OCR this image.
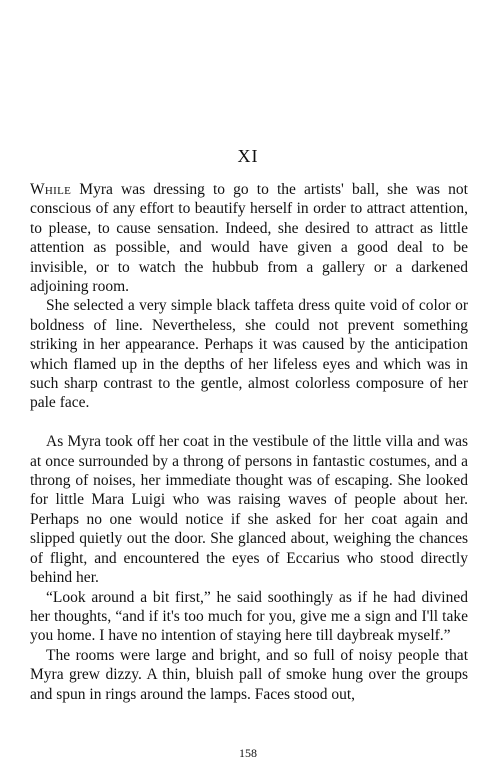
XI

While Myra was dressing to go to the artists' ball, she was not conscious of any effort to beautify herself in order to attract attention, to please, to cause sensation. Indeed, she desired to attract as little attention as possible, and would have given a good deal to be invisible, or to watch the hubbub from a gallery or a darkened adjoining room.

She selected a very simple black taffeta dress quite void of color or boldness of line. Nevertheless, she could not prevent something striking in her appearance. Perhaps it was caused by the anticipation which flamed up in the depths of her lifeless eyes and which was in such sharp contrast to the gentle, almost colorless composure of her pale face.

As Myra took off her coat in the vestibule of the little villa and was at once surrounded by a throng of persons in fantastic costumes, and a throng of noises, her immediate thought was of escaping. She looked for little Mara Luigi who was raising waves of people about her. Perhaps no one would notice if she asked for her coat again and slipped quietly out the door. She glanced about, weighing the chances of flight, and encountered the eyes of Eccarius who stood directly behind her.

“Look around a bit first,” he said soothingly as if he had divined her thoughts, “and if it's too much for you, give me a sign and I'll take you home. I have no intention of staying here till daybreak myself.”

The rooms were large and bright, and so full of noisy people that Myra grew dizzy. A thin, bluish pall of smoke hung over the groups and spun in rings around the lamps. Faces stood out,

158
